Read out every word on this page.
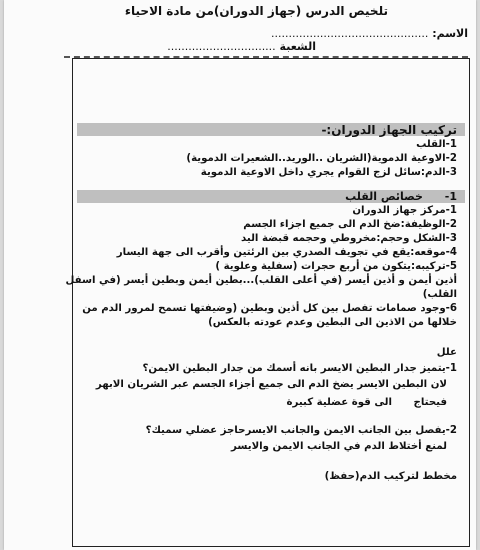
تلخيص الدرس (جهاز الدوران)من مادة الاحياء
الاسم: .............................................
الشعبة ...............................
تركيب الجهاز الدوران:-
1-القلب
2-الاوعية الدموية(الشريان ..الوريد..الشعيرات الدموية)
3-الدم:سائل لزج القوام يجري داخل الاوعية الدموية
1- خصائص القلب
1-مركز جهاز الدوران
2-الوظيفة:ضخ الدم الى جميع اجزاء الجسم
3-الشكل وحجم:مخروطي وحجمه قبضة اليد
4-موقعه:يقع في تجويف الصدري بين الرئتين وأقرب الى جهة اليسار
5-تركيبه:يتكون من أربع حجرات (سفلية وعلوية )
أذين أيمن و أذين أيسر (في أعلى القلب)...بطين أيمن وبطين أيسر (في اسفل
القلب)
6-وجود صمامات تفصل بين كل أذين وبطين (وضيفتها تسمح لمرور الدم من
خلالها من الاذين الى البطين وعدم عودته بالعكس)
علل
1-يتميز جدار البطين الايسر بانه أسمك من جدار البطين الايمن؟
لان البطين الايسر يضخ الدم الى جميع أجزاء الجسم عبر الشريان الابهر
فيحتاج الى قوة عضلية كبيرة
2-يفصل بين الجانب الايمن والجانب الايسرحاجز عضلي سميك؟
لمنع أختلاط الدم في الجانب الايمن والايسر
مخطط لتركيب الدم(حفظ)
